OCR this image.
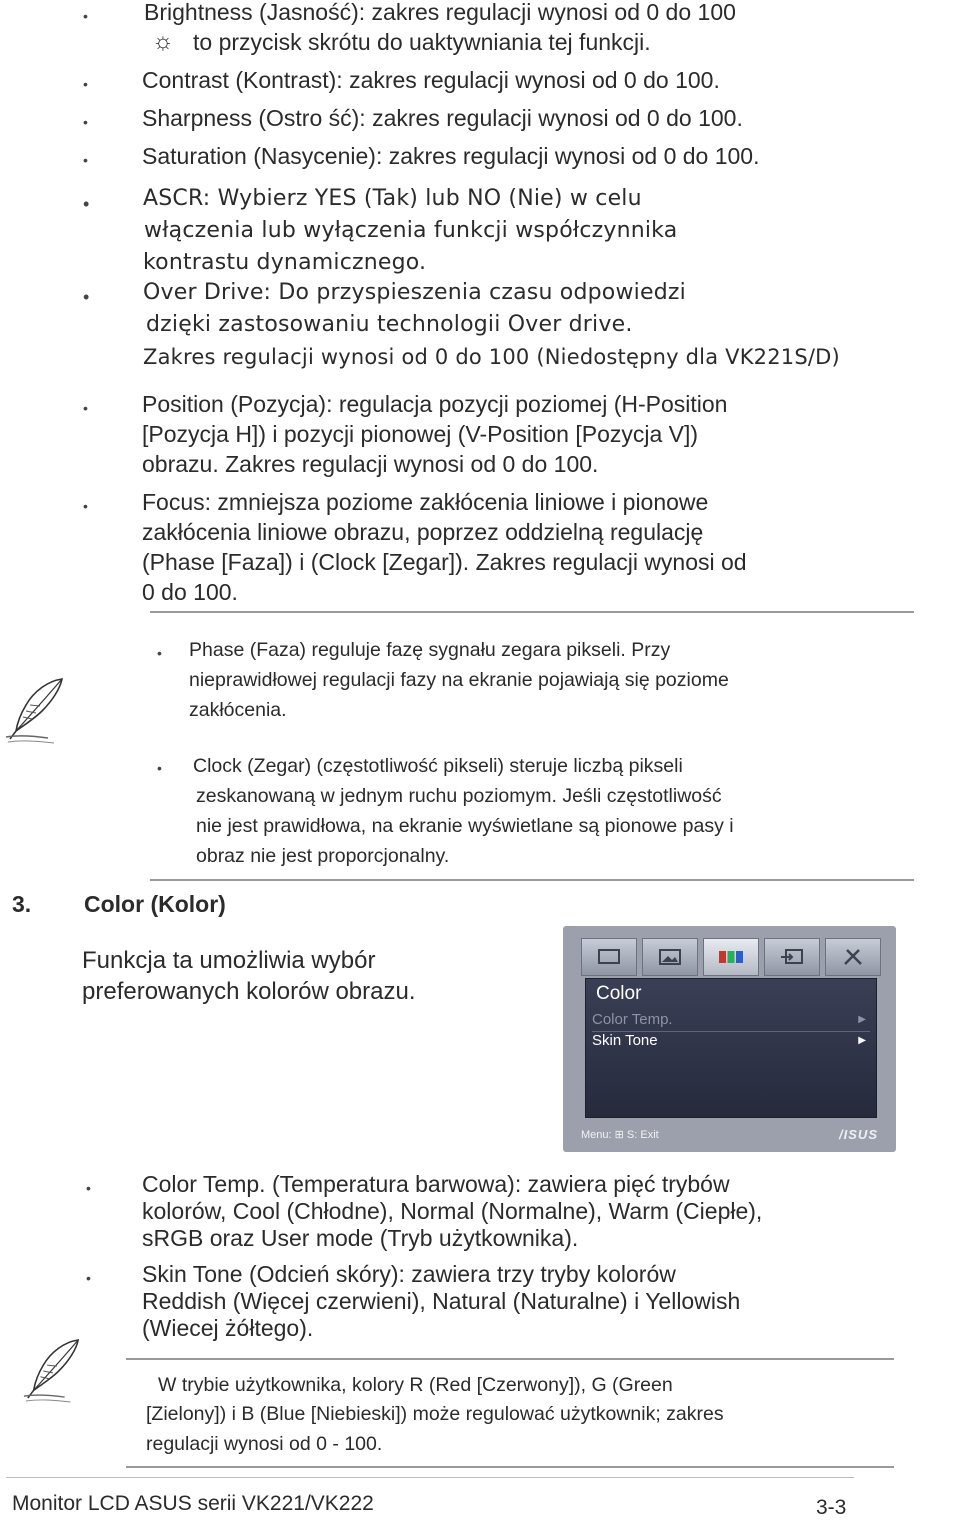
• Brightness (Jasność): zakres regulacji wynosi od 0 do 100
☼ to przycisk skrótu do uaktywniania tej funkcji.
• Contrast (Kontrast): zakres regulacji wynosi od 0 do 100.
• Sharpness (Ostro ść): zakres regulacji wynosi od 0 do 100.
• Saturation (Nasycenie): zakres regulacji wynosi od 0 do 100.
• ASCR: Wybierz YES (Tak) lub NO (Nie) w celu
włączenia lub wyłączenia funkcji współczynnika
kontrastu dynamicznego.
• Over Drive: Do przyspieszenia czasu odpowiedzi
dzięki zastosowaniu technologii Over drive.
Zakres regulacji wynosi od 0 do 100 (Niedostępny dla VK221S/D)
• Position (Pozycja): regulacja pozycji poziomej (H-Position
[Pozycja H]) i pozycji pionowej (V-Position [Pozycja V])
obrazu. Zakres regulacji wynosi od 0 do 100.
• Focus: zmniejsza poziome zakłócenia liniowe i pionowe
zakłócenia liniowe obrazu, poprzez oddzielną regulację
(Phase [Faza]) i (Clock [Zegar]). Zakres regulacji wynosi od
0 do 100.
• Phase (Faza) reguluje fazę sygnału zegara pikseli. Przy
nieprawidłowej regulacji fazy na ekranie pojawiają się poziome
zakłócenia.
• Clock (Zegar) (częstotliwość pikseli) steruje liczbą pikseli
zeskanowaną w jednym ruchu poziomym. Jeśli częstotliwość
nie jest prawidłowa, na ekranie wyświetlane są pionowe pasy i
obraz nie jest proporcjonalny.
3. Color (Kolor)
Funkcja ta umożliwia wybór
preferowanych kolorów obrazu.	Color
Color Temp.	▶
Skin Tone	▶
Menu: ⊞ S: Exit	/ISUS
• Color Temp. (Temperatura barwowa): zawiera pięć trybów
kolorów, Cool (Chłodne), Normal (Normalne), Warm (Ciepłe),
sRGB oraz User mode (Tryb użytkownika).
• Skin Tone (Odcień skóry): zawiera trzy tryby kolorów
Reddish (Więcej czerwieni), Natural (Naturalne) i Yellowish
(Wiecej żółtego).
W trybie użytkownika, kolory R (Red [Czerwony]), G (Green
[Zielony]) i B (Blue [Niebieski]) może regulować użytkownik; zakres
regulacji wynosi od 0 - 100.
Monitor LCD ASUS serii VK221/VK222	3-3
